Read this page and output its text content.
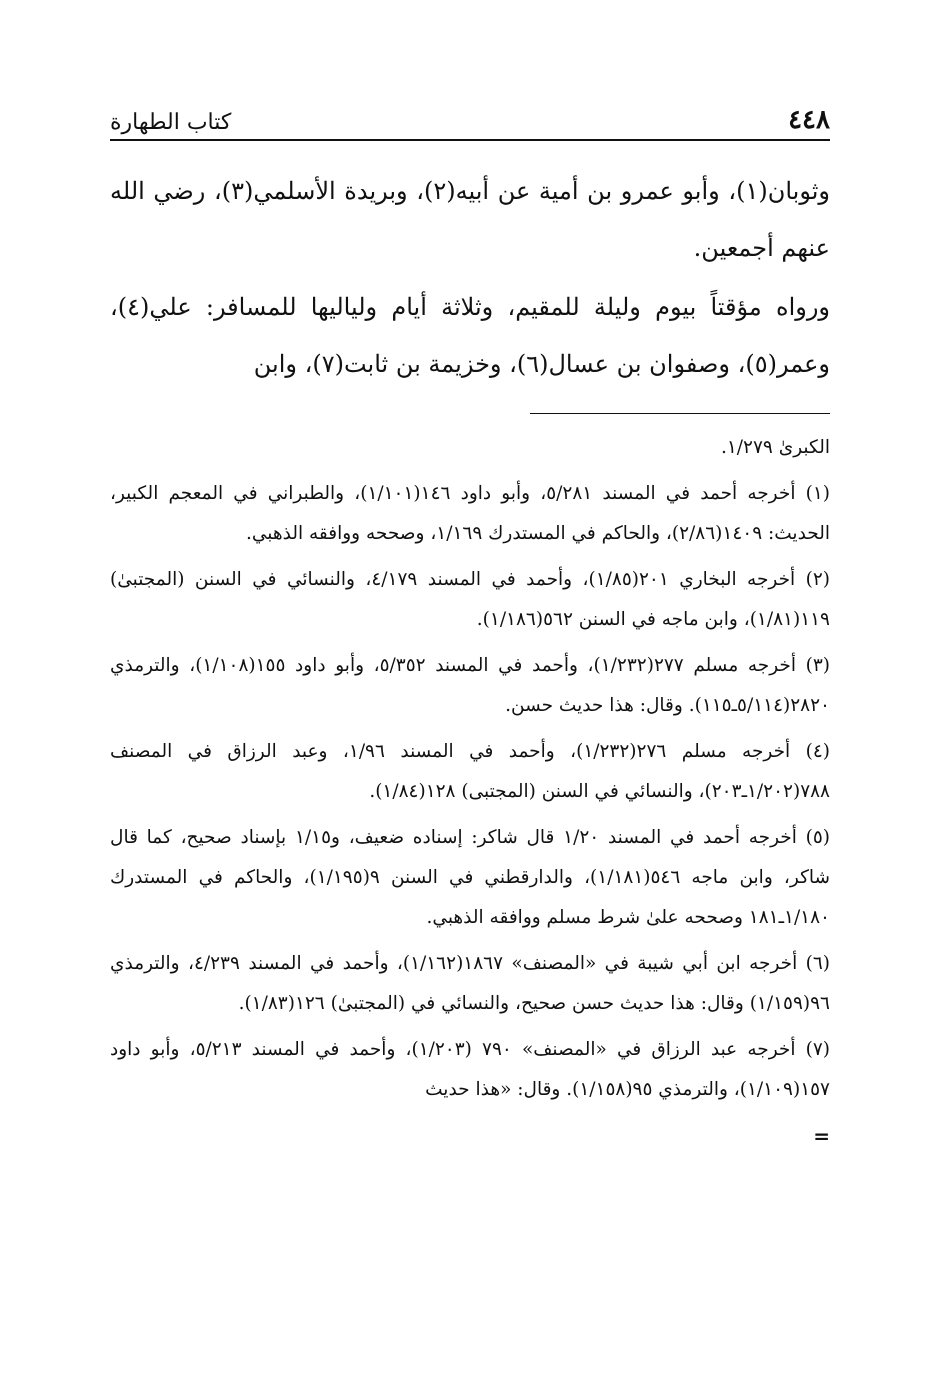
٤٤٨
كتاب الطهارة

وثوبان(١)، وأبو عمرو بن أمية عن أبيه(٢)، وبريدة الأسلمي(٣)، رضي الله عنهم أجمعين.

ورواه مؤقتاً بيوم وليلة للمقيم، وثلاثة أيام ولياليها للمسافر: علي(٤)، وعمر(٥)، وصفوان بن عسال(٦)، وخزيمة بن ثابت(٧)، وابن

الكبرىٰ ١/٢٧٩.

(١) أخرجه أحمد في المسند ٥/٢٨١، وأبو داود ١٤٦(١/١٠١)، والطبراني في المعجم الكبير، الحديث: ١٤٠٩(٢/٨٦)، والحاكم في المستدرك ١/١٦٩، وصححه ووافقه الذهبي.

(٢) أخرجه البخاري ٢٠١(١/٨٥)، وأحمد في المسند ٤/١٧٩، والنسائي في السنن (المجتبىٰ) ١١٩(١/٨١)، وابن ماجه في السنن ٥٦٢(١/١٨٦).

(٣) أخرجه مسلم ٢٧٧(١/٢٣٢)، وأحمد في المسند ٥/٣٥٢، وأبو داود ١٥٥(١/١٠٨)، والترمذي ٢٨٢٠(٥/١١٤ـ١١٥). وقال: هذا حديث حسن.

(٤) أخرجه مسلم ٢٧٦(١/٢٣٢)، وأحمد في المسند ١/٩٦، وعبد الرزاق في المصنف ٧٨٨(١/٢٠٢ـ٢٠٣)، والنسائي في السنن (المجتبى) ١٢٨(١/٨٤).

(٥) أخرجه أحمد في المسند ١/٢٠ قال شاكر: إسناده ضعيف، و١/١٥ بإسناد صحيح، كما قال شاكر، وابن ماجه ٥٤٦(١/١٨١)، والدارقطني في السنن ٩(١/١٩٥)، والحاكم في المستدرك ١/١٨٠ـ١٨١ وصححه علىٰ شرط مسلم ووافقه الذهبي.

(٦) أخرجه ابن أبي شيبة في «المصنف» ١٨٦٧(١/١٦٢)، وأحمد في المسند ٤/٢٣٩، والترمذي ٩٦(١/١٥٩) وقال: هذا حديث حسن صحيح، والنسائي في (المجتبىٰ) ١٢٦(١/٨٣).

(٧) أخرجه عبد الرزاق في «المصنف» ٧٩٠ (١/٢٠٣)، وأحمد في المسند ٥/٢١٣، وأبو داود ١٥٧(١/١٠٩)، والترمذي ٩٥(١/١٥٨). وقال: «هذا حديث

=
